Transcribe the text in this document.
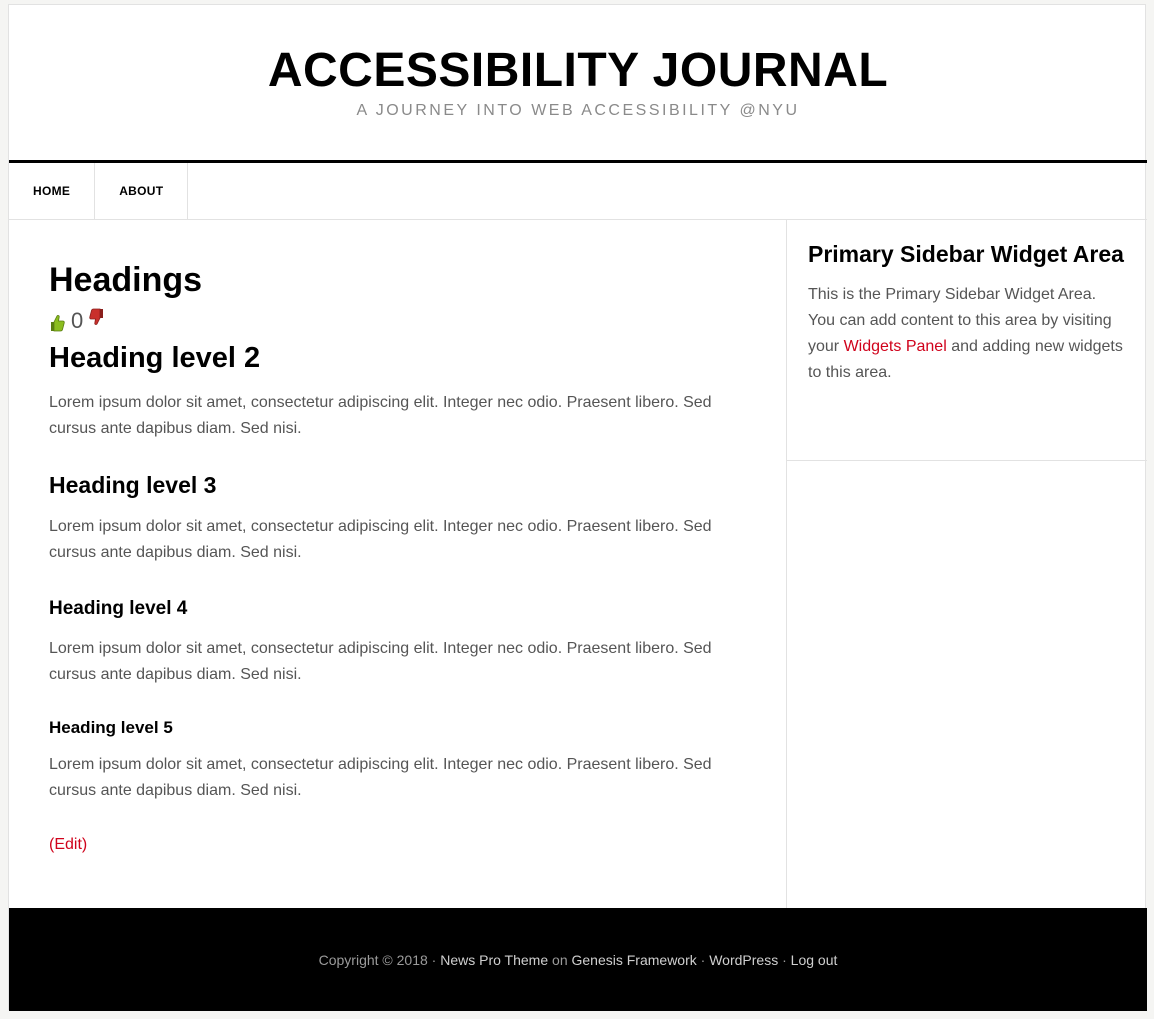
ACCESSIBILITY JOURNAL
A JOURNEY INTO WEB ACCESSIBILITY @NYU
HOME	ABOUT
Headings
0
Heading level 2

Lorem ipsum dolor sit amet, consectetur adipiscing elit. Integer nec odio. Praesent libero. Sed cursus ante dapibus diam. Sed nisi.

Heading level 3

Lorem ipsum dolor sit amet, consectetur adipiscing elit. Integer nec odio. Praesent libero. Sed cursus ante dapibus diam. Sed nisi.

Heading level 4

Lorem ipsum dolor sit amet, consectetur adipiscing elit. Integer nec odio. Praesent libero. Sed cursus ante dapibus diam. Sed nisi.

Heading level 5

Lorem ipsum dolor sit amet, consectetur adipiscing elit. Integer nec odio. Praesent libero. Sed cursus ante dapibus diam. Sed nisi.

(Edit)
Primary Sidebar Widget Area

This is the Primary Sidebar Widget Area. You can add content to this area by visiting your Widgets Panel and adding new widgets to this area.

Copyright © 2018 · News Pro Theme on Genesis Framework · WordPress · Log out
